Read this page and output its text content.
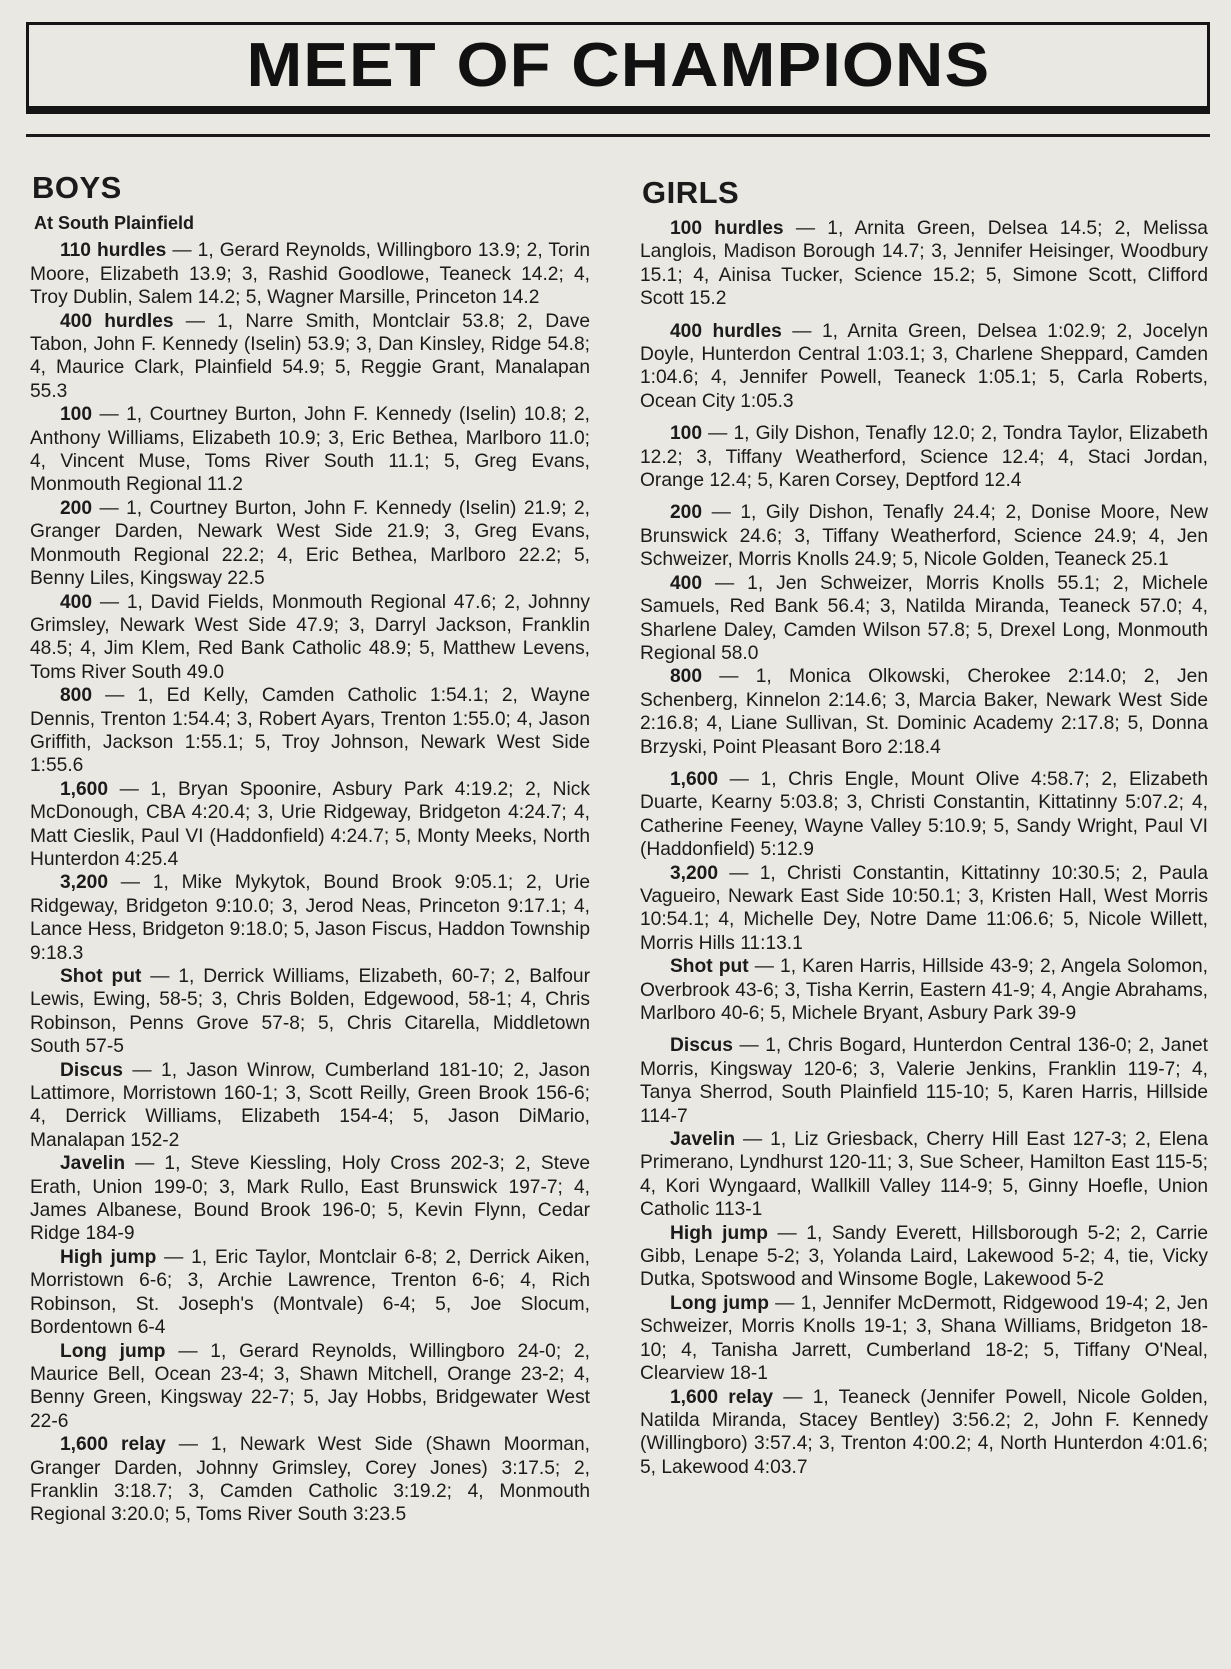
MEET OF CHAMPIONS
BOYS
At South Plainfield

110 hurdles — 1, Gerard Reynolds, Willingboro 13.9; 2, Torin Moore, Elizabeth 13.9; 3, Rashid Goodlowe, Teaneck 14.2; 4, Troy Dublin, Salem 14.2; 5, Wagner Marsille, Princeton 14.2

400 hurdles — 1, Narre Smith, Montclair 53.8; 2, Dave Tabon, John F. Kennedy (Iselin) 53.9; 3, Dan Kinsley, Ridge 54.8; 4, Maurice Clark, Plainfield 54.9; 5, Reggie Grant, Manalapan 55.3

100 — 1, Courtney Burton, John F. Kennedy (Iselin) 10.8; 2, Anthony Williams, Elizabeth 10.9; 3, Eric Bethea, Marlboro 11.0; 4, Vincent Muse, Toms River South 11.1; 5, Greg Evans, Monmouth Regional 11.2

200 — 1, Courtney Burton, John F. Kennedy (Iselin) 21.9; 2, Granger Darden, Newark West Side 21.9; 3, Greg Evans, Monmouth Regional 22.2; 4, Eric Bethea, Marlboro 22.2; 5, Benny Liles, Kingsway 22.5

400 — 1, David Fields, Monmouth Regional 47.6; 2, Johnny Grimsley, Newark West Side 47.9; 3, Darryl Jackson, Franklin 48.5; 4, Jim Klem, Red Bank Catholic 48.9; 5, Matthew Levens, Toms River South 49.0

800 — 1, Ed Kelly, Camden Catholic 1:54.1; 2, Wayne Dennis, Trenton 1:54.4; 3, Robert Ayars, Trenton 1:55.0; 4, Jason Griffith, Jackson 1:55.1; 5, Troy Johnson, Newark West Side 1:55.6

1,600 — 1, Bryan Spoonire, Asbury Park 4:19.2; 2, Nick McDonough, CBA 4:20.4; 3, Urie Ridgeway, Bridgeton 4:24.7; 4, Matt Cieslik, Paul VI (Haddonfield) 4:24.7; 5, Monty Meeks, North Hunterdon 4:25.4

3,200 — 1, Mike Mykytok, Bound Brook 9:05.1; 2, Urie Ridgeway, Bridgeton 9:10.0; 3, Jerod Neas, Princeton 9:17.1; 4, Lance Hess, Bridgeton 9:18.0; 5, Jason Fiscus, Haddon Township 9:18.3

Shot put — 1, Derrick Williams, Elizabeth, 60-7; 2, Balfour Lewis, Ewing, 58-5; 3, Chris Bolden, Edgewood, 58-1; 4, Chris Robinson, Penns Grove 57-8; 5, Chris Citarella, Middletown South 57-5

Discus — 1, Jason Winrow, Cumberland 181-10; 2, Jason Lattimore, Morristown 160-1; 3, Scott Reilly, Green Brook 156-6; 4, Derrick Williams, Elizabeth 154-4; 5, Jason DiMario, Manalapan 152-2

Javelin — 1, Steve Kiessling, Holy Cross 202-3; 2, Steve Erath, Union 199-0; 3, Mark Rullo, East Brunswick 197-7; 4, James Albanese, Bound Brook 196-0; 5, Kevin Flynn, Cedar Ridge 184-9

High jump — 1, Eric Taylor, Montclair 6-8; 2, Derrick Aiken, Morristown 6-6; 3, Archie Lawrence, Trenton 6-6; 4, Rich Robinson, St. Joseph's (Montvale) 6-4; 5, Joe Slocum, Bordentown 6-4

Long jump — 1, Gerard Reynolds, Willingboro 24-0; 2, Maurice Bell, Ocean 23-4; 3, Shawn Mitchell, Orange 23-2; 4, Benny Green, Kingsway 22-7; 5, Jay Hobbs, Bridgewater West 22-6

1,600 relay — 1, Newark West Side (Shawn Moorman, Granger Darden, Johnny Grimsley, Corey Jones) 3:17.5; 2, Franklin 3:18.7; 3, Camden Catholic 3:19.2; 4, Monmouth Regional 3:20.0; 5, Toms River South 3:23.5

GIRLS

100 hurdles — 1, Arnita Green, Delsea 14.5; 2, Melissa Langlois, Madison Borough 14.7; 3, Jennifer Heisinger, Woodbury 15.1; 4, Ainisa Tucker, Science 15.2; 5, Simone Scott, Clifford Scott 15.2

400 hurdles — 1, Arnita Green, Delsea 1:02.9; 2, Jocelyn Doyle, Hunterdon Central 1:03.1; 3, Charlene Sheppard, Camden 1:04.6; 4, Jennifer Powell, Teaneck 1:05.1; 5, Carla Roberts, Ocean City 1:05.3

100 — 1, Gily Dishon, Tenafly 12.0; 2, Tondra Taylor, Elizabeth 12.2; 3, Tiffany Weatherford, Science 12.4; 4, Staci Jordan, Orange 12.4; 5, Karen Corsey, Deptford 12.4

200 — 1, Gily Dishon, Tenafly 24.4; 2, Donise Moore, New Brunswick 24.6; 3, Tiffany Weatherford, Science 24.9; 4, Jen Schweizer, Morris Knolls 24.9; 5, Nicole Golden, Teaneck 25.1

400 — 1, Jen Schweizer, Morris Knolls 55.1; 2, Michele Samuels, Red Bank 56.4; 3, Natilda Miranda, Teaneck 57.0; 4, Sharlene Daley, Camden Wilson 57.8; 5, Drexel Long, Monmouth Regional 58.0

800 — 1, Monica Olkowski, Cherokee 2:14.0; 2, Jen Schenberg, Kinnelon 2:14.6; 3, Marcia Baker, Newark West Side 2:16.8; 4, Liane Sullivan, St. Dominic Academy 2:17.8; 5, Donna Brzyski, Point Pleasant Boro 2:18.4

1,600 — 1, Chris Engle, Mount Olive 4:58.7; 2, Elizabeth Duarte, Kearny 5:03.8; 3, Christi Constantin, Kittatinny 5:07.2; 4, Catherine Feeney, Wayne Valley 5:10.9; 5, Sandy Wright, Paul VI (Haddonfield) 5:12.9

3,200 — 1, Christi Constantin, Kittatinny 10:30.5; 2, Paula Vagueiro, Newark East Side 10:50.1; 3, Kristen Hall, West Morris 10:54.1; 4, Michelle Dey, Notre Dame 11:06.6; 5, Nicole Willett, Morris Hills 11:13.1

Shot put — 1, Karen Harris, Hillside 43-9; 2, Angela Solomon, Overbrook 43-6; 3, Tisha Kerrin, Eastern 41-9; 4, Angie Abrahams, Marlboro 40-6; 5, Michele Bryant, Asbury Park 39-9

Discus — 1, Chris Bogard, Hunterdon Central 136-0; 2, Janet Morris, Kingsway 120-6; 3, Valerie Jenkins, Franklin 119-7; 4, Tanya Sherrod, South Plainfield 115-10; 5, Karen Harris, Hillside 114-7

Javelin — 1, Liz Griesback, Cherry Hill East 127-3; 2, Elena Primerano, Lyndhurst 120-11; 3, Sue Scheer, Hamilton East 115-5; 4, Kori Wyngaard, Wallkill Valley 114-9; 5, Ginny Hoefle, Union Catholic 113-1

High jump — 1, Sandy Everett, Hillsborough 5-2; 2, Carrie Gibb, Lenape 5-2; 3, Yolanda Laird, Lakewood 5-2; 4, tie, Vicky Dutka, Spotswood and Winsome Bogle, Lakewood 5-2

Long jump — 1, Jennifer McDermott, Ridgewood 19-4; 2, Jen Schweizer, Morris Knolls 19-1; 3, Shana Williams, Bridgeton 18-10; 4, Tanisha Jarrett, Cumberland 18-2; 5, Tiffany O'Neal, Clearview 18-1

1,600 relay — 1, Teaneck (Jennifer Powell, Nicole Golden, Natilda Miranda, Stacey Bentley) 3:56.2; 2, John F. Kennedy (Willingboro) 3:57.4; 3, Trenton 4:00.2; 4, North Hunterdon 4:01.6; 5, Lakewood 4:03.7
